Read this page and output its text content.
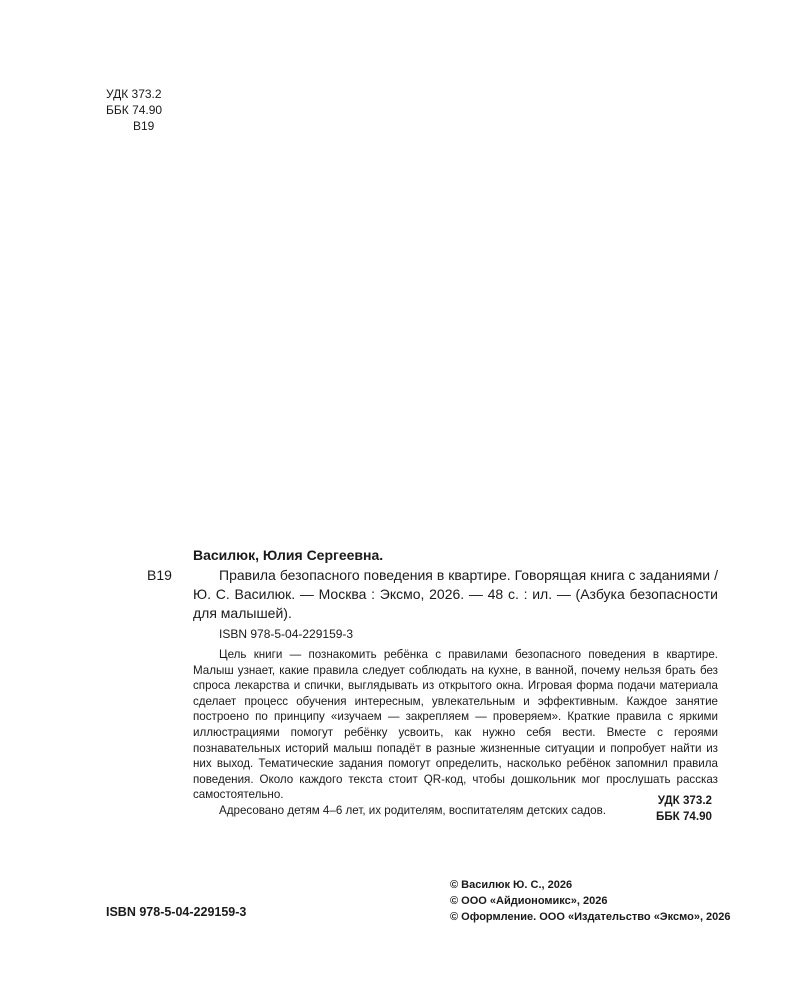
УДК 373.2
ББК 74.90
В19
Василюк, Юлия Сергеевна.
В19	Правила безопасного поведения в квартире. Говорящая книга с заданиями / Ю. С. Василюк. — Москва : Эксмо, 2026. — 48 с. : ил. — (Азбука безопасности для малышей).
ISBN 978-5-04-229159-3

Цель книги — познакомить ребёнка с правилами безопасного поведения в квартире. Малыш узнает, какие правила следует соблюдать на кухне, в ванной, почему нельзя брать без спроса лекарства и спички, выглядывать из открытого окна. Игровая форма подачи материала сделает процесс обучения интересным, увлекательным и эффективным. Каждое занятие построено по принципу «изучаем — закрепляем — проверяем». Краткие правила с яркими иллюстрациями помогут ребёнку усвоить, как нужно себя вести. Вместе с героями познавательных историй малыш попадёт в разные жизненные ситуации и попробует найти из них выход. Тематические задания помогут определить, насколько ребёнок запомнил правила поведения. Около каждого текста стоит QR-код, чтобы дошкольник мог прослушать рассказ самостоятельно.

Адресовано детям 4–6 лет, их родителям, воспитателям детских садов.

УДК 373.2
ББК 74.90
© Василюк Ю. С., 2026
© ООО «Айдиономикс», 2026
© Оформление. ООО «Издательство «Эксмо», 2026
ISBN 978-5-04-229159-3
